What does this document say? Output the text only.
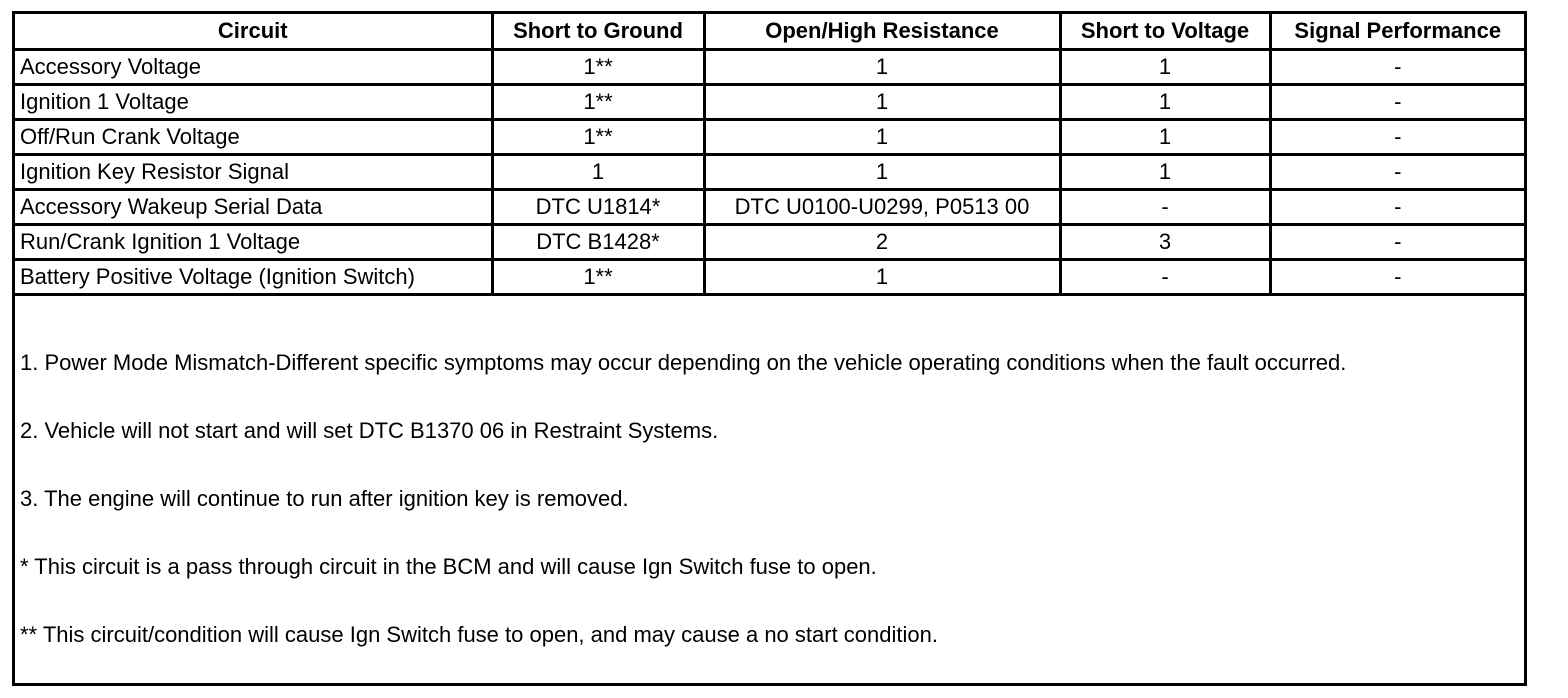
Circuit	Short to Ground	Open/High Resistance	Short to Voltage	Signal Performance
Accessory Voltage	1**	1	1	-
Ignition 1 Voltage	1**	1	1	-
Off/Run Crank Voltage	1**	1	1	-
Ignition Key Resistor Signal	1	1	1	-
Accessory Wakeup Serial Data	DTC U1814*	DTC U0100-U0299, P0513 00	-	-
Run/Crank Ignition 1 Voltage	DTC B1428*	2	3	-
Battery Positive Voltage (Ignition Switch)	1**	1	-	-

1. Power Mode Mismatch-Different specific symptoms may occur depending on the vehicle operating conditions when the fault occurred.

2. Vehicle will not start and will set DTC B1370 06 in Restraint Systems.

3. The engine will continue to run after ignition key is removed.

* This circuit is a pass through circuit in the BCM and will cause Ign Switch fuse to open.

** This circuit/condition will cause Ign Switch fuse to open, and may cause a no start condition.
